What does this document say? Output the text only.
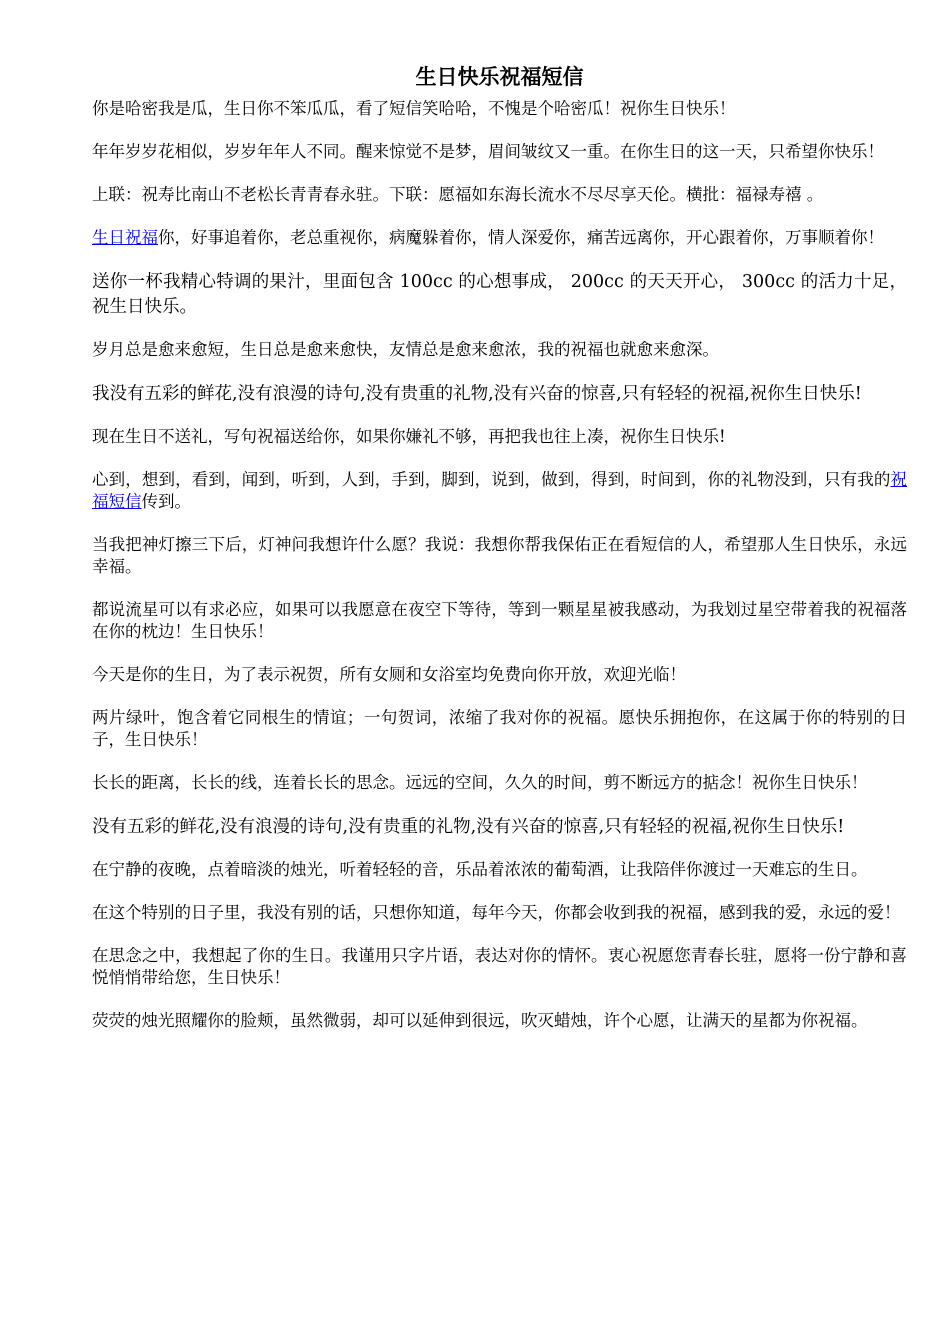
生日快乐祝福短信
你是哈密我是瓜，生日你不笨瓜瓜，看了短信笑哈哈，不愧是个哈密瓜！祝你生日快乐！
年年岁岁花相似，岁岁年年人不同。醒来惊觉不是梦，眉间皱纹又一重。在你生日的这一天，只希望你快乐！
上联：祝寿比南山不老松长青青春永驻。下联：愿福如东海长流水不尽尽享天伦。横批：福禄寿禧 。
生日祝福你，好事追着你，老总重视你，病魔躲着你，情人深爱你，痛苦远离你，开心跟着你，万事顺着你！
送你一杯我精心特调的果汁，里面包含 100cc 的心想事成， 200cc 的天天开心， 300cc 的活力十足，祝生日快乐。
岁月总是愈来愈短，生日总是愈来愈快，友情总是愈来愈浓，我的祝福也就愈来愈深。
我没有五彩的鲜花,没有浪漫的诗句,没有贵重的礼物,没有兴奋的惊喜,只有轻轻的祝福,祝你生日快乐!
现在生日不送礼，写句祝福送给你，如果你嫌礼不够，再把我也往上凑，祝你生日快乐!
心到，想到，看到，闻到，听到，人到，手到，脚到，说到，做到，得到，时间到，你的礼物没到，只有我的祝福短信传到。
当我把神灯擦三下后，灯神问我想许什么愿？我说：我想你帮我保佑正在看短信的人，希望那人生日快乐，永远幸福。
都说流星可以有求必应，如果可以我愿意在夜空下等待，等到一颗星星被我感动，为我划过星空带着我的祝福落在你的枕边！生日快乐！
今天是你的生日，为了表示祝贺，所有女厕和女浴室均免费向你开放，欢迎光临！
两片绿叶，饱含着它同根生的情谊；一句贺词，浓缩了我对你的祝福。愿快乐拥抱你，在这属于你的特别的日子，生日快乐！
长长的距离，长长的线，连着长长的思念。远远的空间，久久的时间，剪不断远方的掂念！祝你生日快乐！
没有五彩的鲜花,没有浪漫的诗句,没有贵重的礼物,没有兴奋的惊喜,只有轻轻的祝福,祝你生日快乐!
在宁静的夜晚，点着暗淡的烛光，听着轻轻的音，乐品着浓浓的葡萄酒，让我陪伴你渡过一天难忘的生日。
在这个特别的日子里，我没有别的话，只想你知道，每年今天，你都会收到我的祝福，感到我的爱，永远的爱！
在思念之中，我想起了你的生日。我谨用只字片语，表达对你的情怀。衷心祝愿您青春长驻，愿将一份宁静和喜悦悄悄带给您，生日快乐！
荧荧的烛光照耀你的脸颊，虽然微弱，却可以延伸到很远，吹灭蜡烛，许个心愿，让满天的星都为你祝福。
